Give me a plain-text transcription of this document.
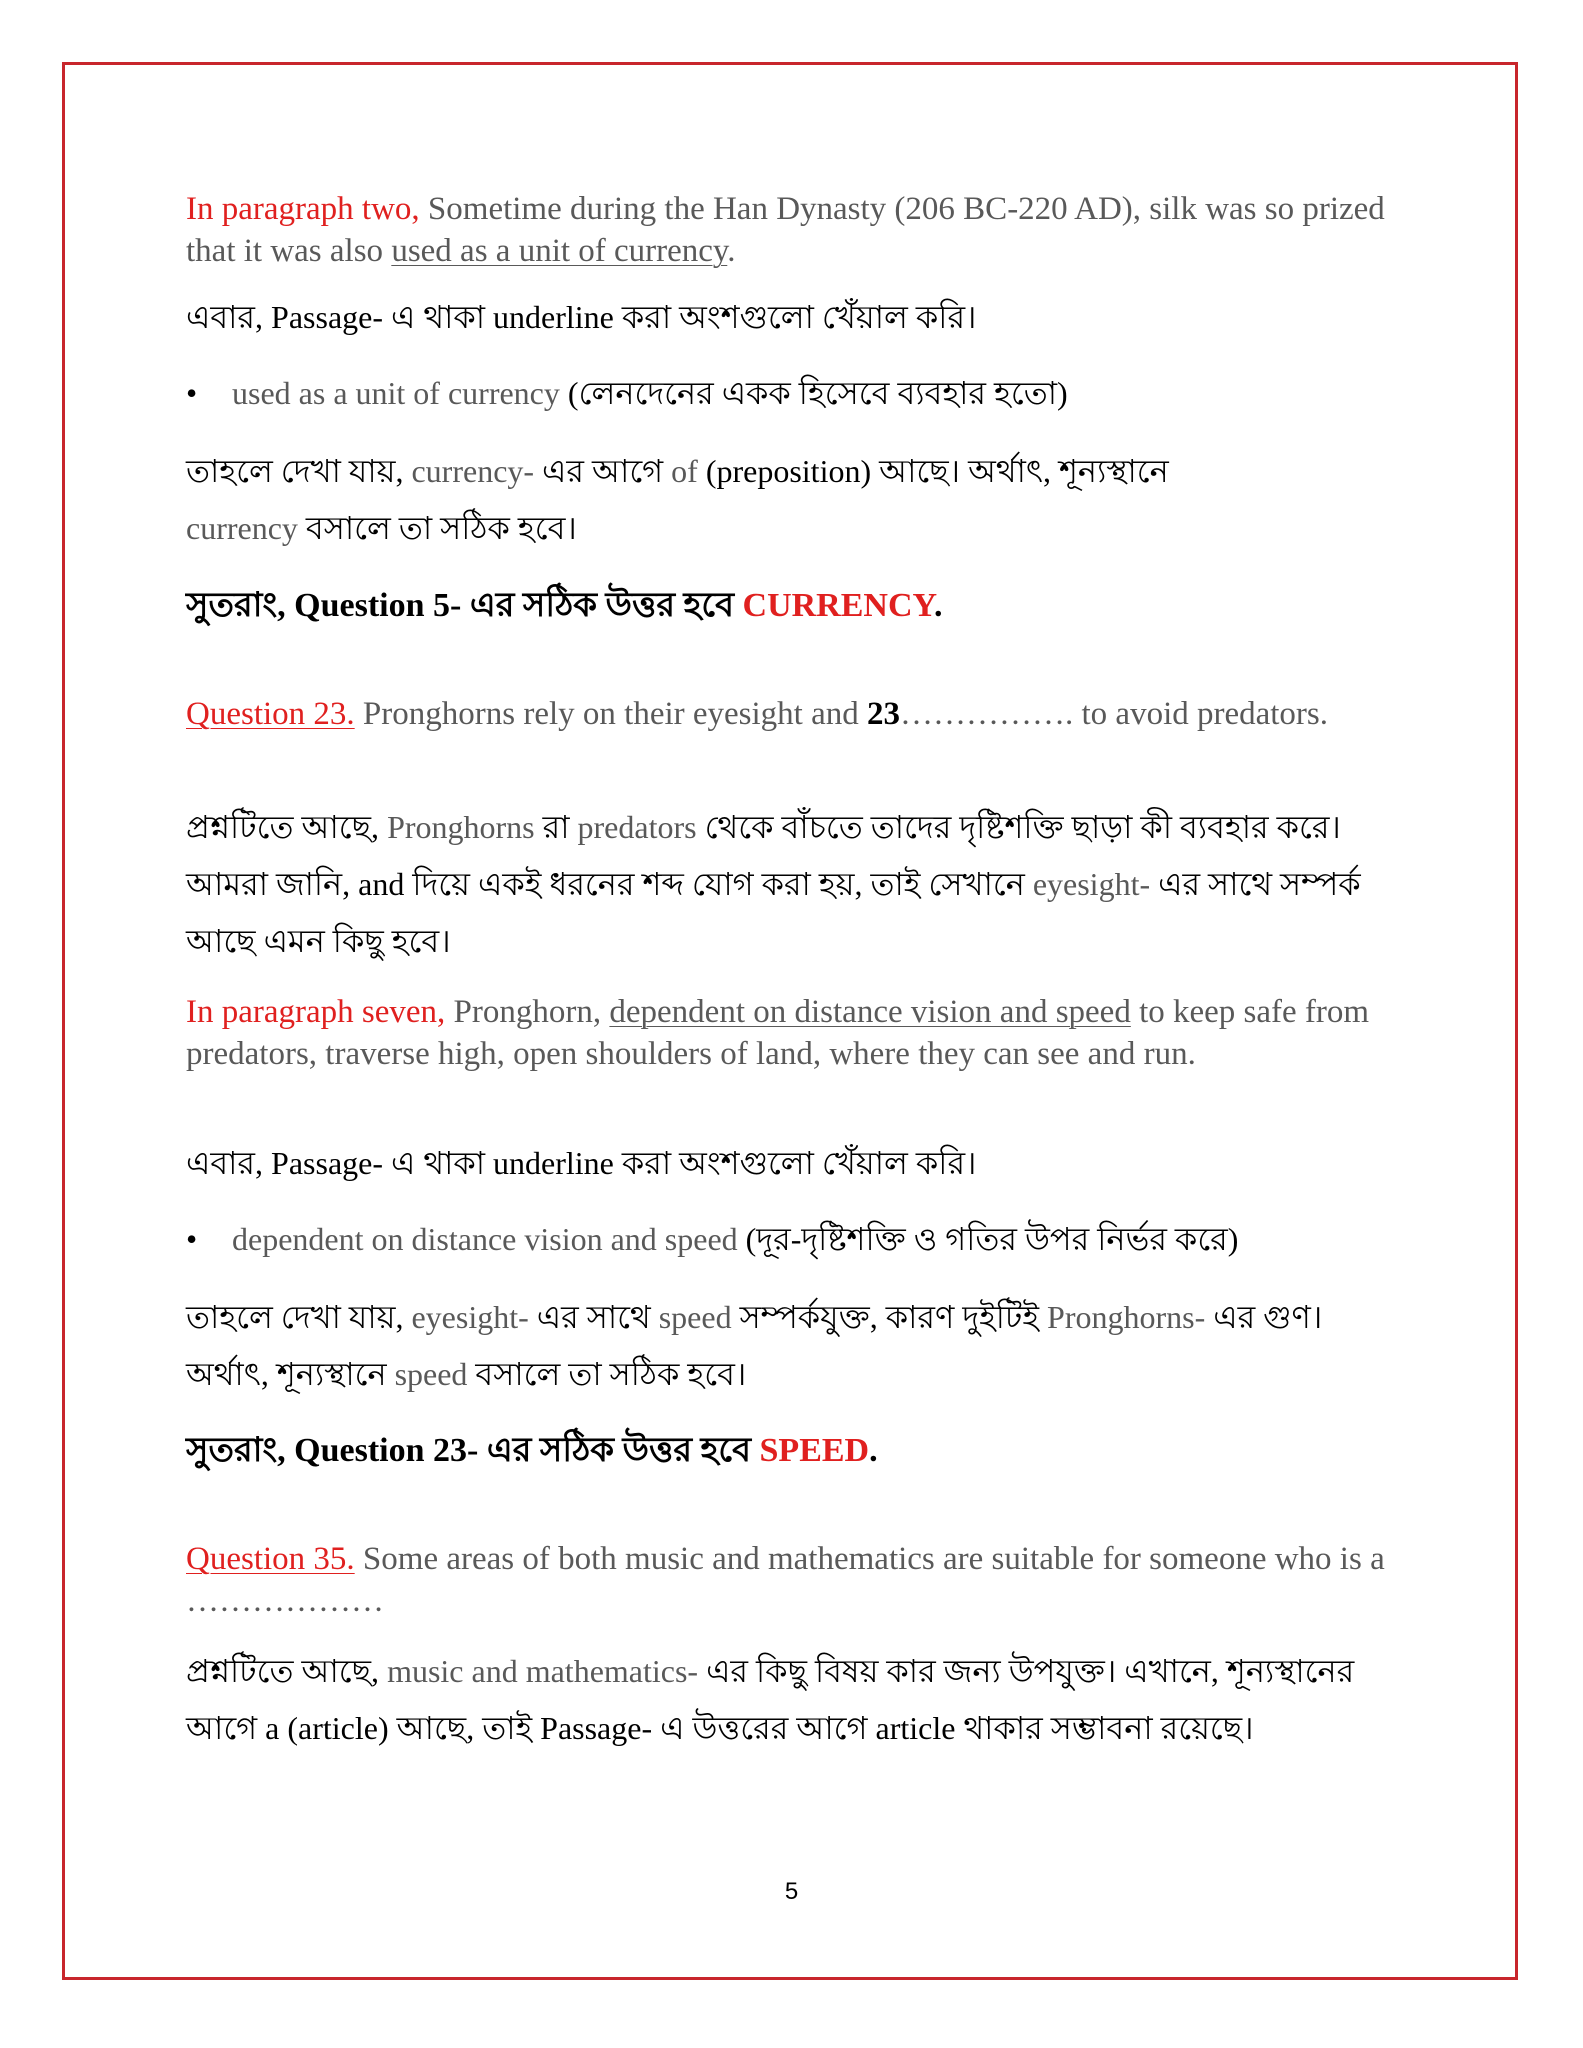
In paragraph two, Sometime during the Han Dynasty (206 BC-220 AD), silk was so prized that it was also used as a unit of currency.
এবার, Passage- এ থাকা underline করা অংশগুলো খেঁয়াল করি।
• used as a unit of currency (লেনদেনের একক হিসেবে ব্যবহার হতো)
তাহলে দেখা যায়, currency- এর আগে of (preposition) আছে। অর্থাৎ, শূন্যস্থানে
currency বসালে তা সঠিক হবে।
সুতরাং, Question 5- এর সঠিক উত্তর হবে CURRENCY.
Question 23. Pronghorns rely on their eyesight and 23……………. to avoid predators.
প্রশ্নটিতে আছে, Pronghorns রা predators থেকে বাঁচতে তাদের দৃষ্টিশক্তি ছাড়া কী ব্যবহার করে। আমরা জানি, and দিয়ে একই ধরনের শব্দ যোগ করা হয়, তাই সেখানে eyesight- এর সাথে সম্পর্ক আছে এমন কিছু হবে।
In paragraph seven, Pronghorn, dependent on distance vision and speed to keep safe from predators, traverse high, open shoulders of land, where they can see and run.
এবার, Passage- এ থাকা underline করা অংশগুলো খেঁয়াল করি।
• dependent on distance vision and speed (দূর-দৃষ্টিশক্তি ও গতির উপর নির্ভর করে)
তাহলে দেখা যায়, eyesight- এর সাথে speed সম্পর্কযুক্ত, কারণ দুইটিই Pronghorns- এর গুণ। অর্থাৎ, শূন্যস্থানে speed বসালে তা সঠিক হবে।
সুতরাং, Question 23- এর সঠিক উত্তর হবে SPEED.
Question 35. Some areas of both music and mathematics are suitable for someone who is a ………………
প্রশ্নটিতে আছে, music and mathematics- এর কিছু বিষয় কার জন্য উপযুক্ত। এখানে, শূন্যস্থানের আগে a (article) আছে, তাই Passage- এ উত্তরের আগে article থাকার সম্ভাবনা রয়েছে।
5
